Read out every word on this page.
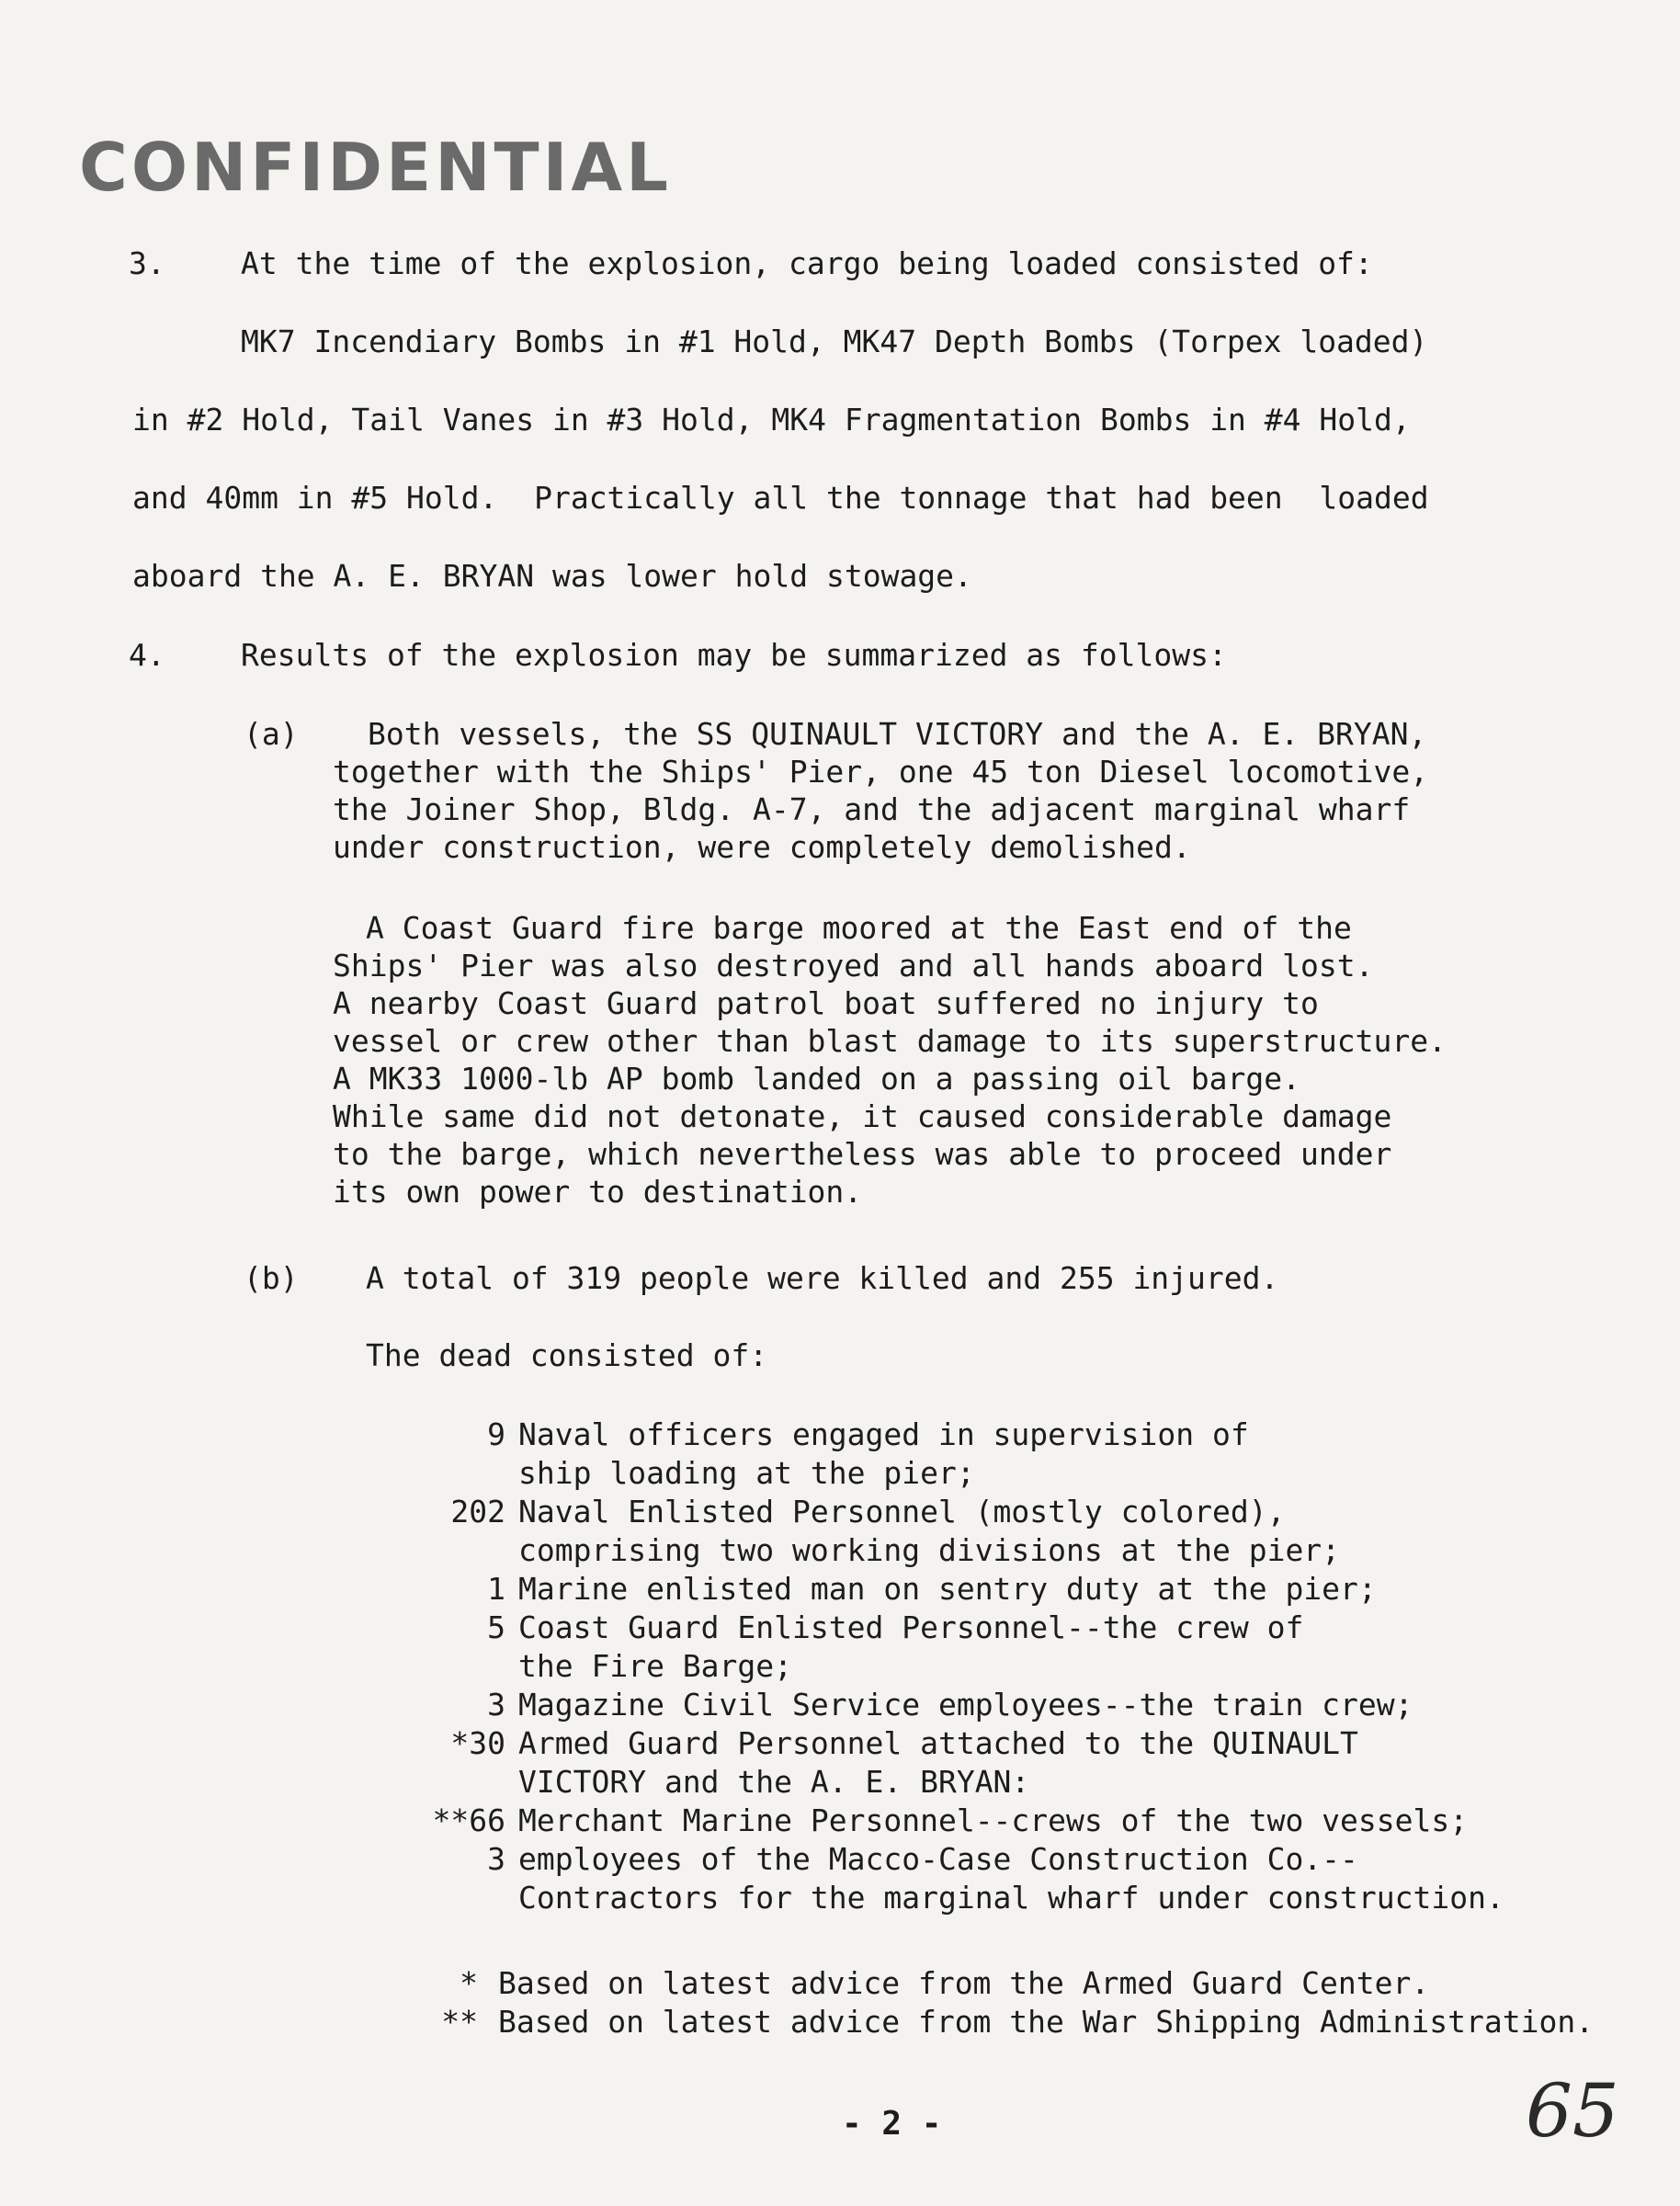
CONFIDENTIAL
3. At the time of the explosion, cargo being loaded consisted of:
MK7 Incendiary Bombs in #1 Hold, MK47 Depth Bombs (Torpex loaded)
in #2 Hold, Tail Vanes in #3 Hold, MK4 Fragmentation Bombs in #4 Hold,
and 40mm in #5 Hold.  Practically all the tonnage that had been  loaded
aboard the A. E. BRYAN was lower hold stowage.
4. Results of the explosion may be summarized as follows:
(a)	Both vessels, the SS QUINAULT VICTORY and the A. E. BRYAN,
together with the Ships' Pier, one 45 ton Diesel locomotive,
the Joiner Shop, Bldg. A-7, and the adjacent marginal wharf
under construction, were completely demolished.
A Coast Guard fire barge moored at the East end of the
Ships' Pier was also destroyed and all hands aboard lost.
A nearby Coast Guard patrol boat suffered no injury to
vessel or crew other than blast damage to its superstructure.
A MK33 1000-lb AP bomb landed on a passing oil barge.
While same did not detonate, it caused considerable damage
to the barge, which nevertheless was able to proceed under
its own power to destination.
(b) A total of 319 people were killed and 255 injured.
The dead consisted of:
9 Naval officers engaged in supervision of
ship loading at the pier;
202 Naval Enlisted Personnel (mostly colored),
comprising two working divisions at the pier;
1 Marine enlisted man on sentry duty at the pier;
5 Coast Guard Enlisted Personnel--the crew of
the Fire Barge;
3 Magazine Civil Service employees--the train crew;
*30 Armed Guard Personnel attached to the QUINAULT
VICTORY and the A. E. BRYAN:
**66 Merchant Marine Personnel--crews of the two vessels;
3 employees of the Macco-Case Construction Co.--
Contractors for the marginal wharf under construction.
* Based on latest advice from the Armed Guard Center.
** Based on latest advice from the War Shipping Administration.
- 2 -	65
